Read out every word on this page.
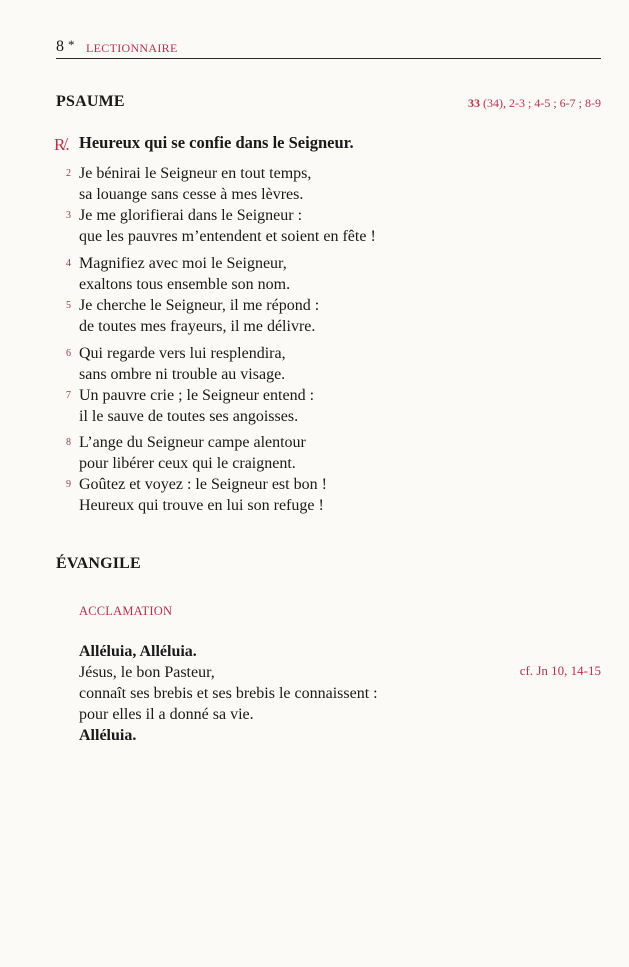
8 * LECTIONNAIRE
PSAUME	33 (34), 2-3 ; 4-5 ; 6-7 ; 8-9
R̸. Heureux qui se confie dans le Seigneur.
2 Je bénirai le Seigneur en tout temps,
sa louange sans cesse à mes lèvres.
3 Je me glorifierai dans le Seigneur :
que les pauvres m’entendent et soient en fête !
4 Magnifiez avec moi le Seigneur,
exaltons tous ensemble son nom.
5 Je cherche le Seigneur, il me répond :
de toutes mes frayeurs, il me délivre.
6 Qui regarde vers lui resplendira,
sans ombre ni trouble au visage.
7 Un pauvre crie ; le Seigneur entend :
il le sauve de toutes ses angoisses.
8 L’ange du Seigneur campe alentour
pour libérer ceux qui le craignent.
9 Goûtez et voyez : le Seigneur est bon !
Heureux qui trouve en lui son refuge !
ÉVANGILE
ACCLAMATION
Alléluia, Alléluia.
Jésus, le bon Pasteur,
connaît ses brebis et ses brebis le connaissent :
pour elles il a donné sa vie.
Alléluia.
cf. Jn 10, 14-15
